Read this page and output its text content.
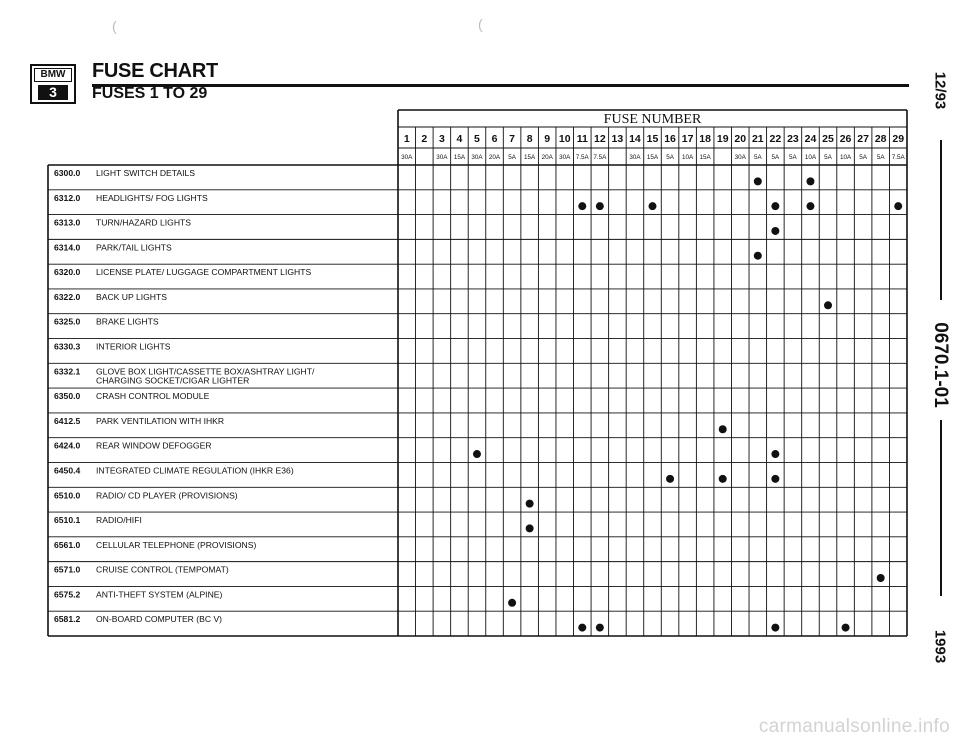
BMW
3
FUSE CHART
FUSES 1 TO 29
(	(
12/93
0670.1-01
1993
FUSE NUMBER
1
30A
2 3
30A
4
15A
5
30A
6
20A
7
5A
8
15A
9
20A
10
30A
11
7.5A
12
7.5A
13 14
30A
15
15A
16
5A
17
10A
18
15A
19 20
30A
21
5A
22
5A
23
5A
24
10A
25
5A
26
10A
27
5A
28
5A
29
7.5A
6300.0 LIGHT SWITCH DETAILS
6312.0 HEADLIGHTS/ FOG LIGHTS
6313.0 TURN/HAZARD LIGHTS
6314.0 PARK/TAIL LIGHTS
6320.0 LICENSE PLATE/ LUGGAGE COMPARTMENT LIGHTS
6322.0 BACK UP LIGHTS
6325.0 BRAKE LIGHTS
6330.3 INTERIOR LIGHTS
6332.1 GLOVE BOX LIGHT/CASSETTE BOX/ASHTRAY LIGHT/
CHARGING SOCKET/CIGAR LIGHTER
6350.0 CRASH CONTROL MODULE
6412.5 PARK VENTILATION WITH IHKR
6424.0 REAR WINDOW DEFOGGER
6450.4 INTEGRATED CLIMATE REGULATION (IHKR E36)
6510.0 RADIO/ CD PLAYER (PROVISIONS)
6510.1 RADIO/HIFI
6561.0 CELLULAR TELEPHONE (PROVISIONS)
6571.0 CRUISE CONTROL (TEMPOMAT)
6575.2 ANTI-THEFT SYSTEM (ALPINE)
6581.2 ON-BOARD COMPUTER (BC V)
carmanualsonline.info
